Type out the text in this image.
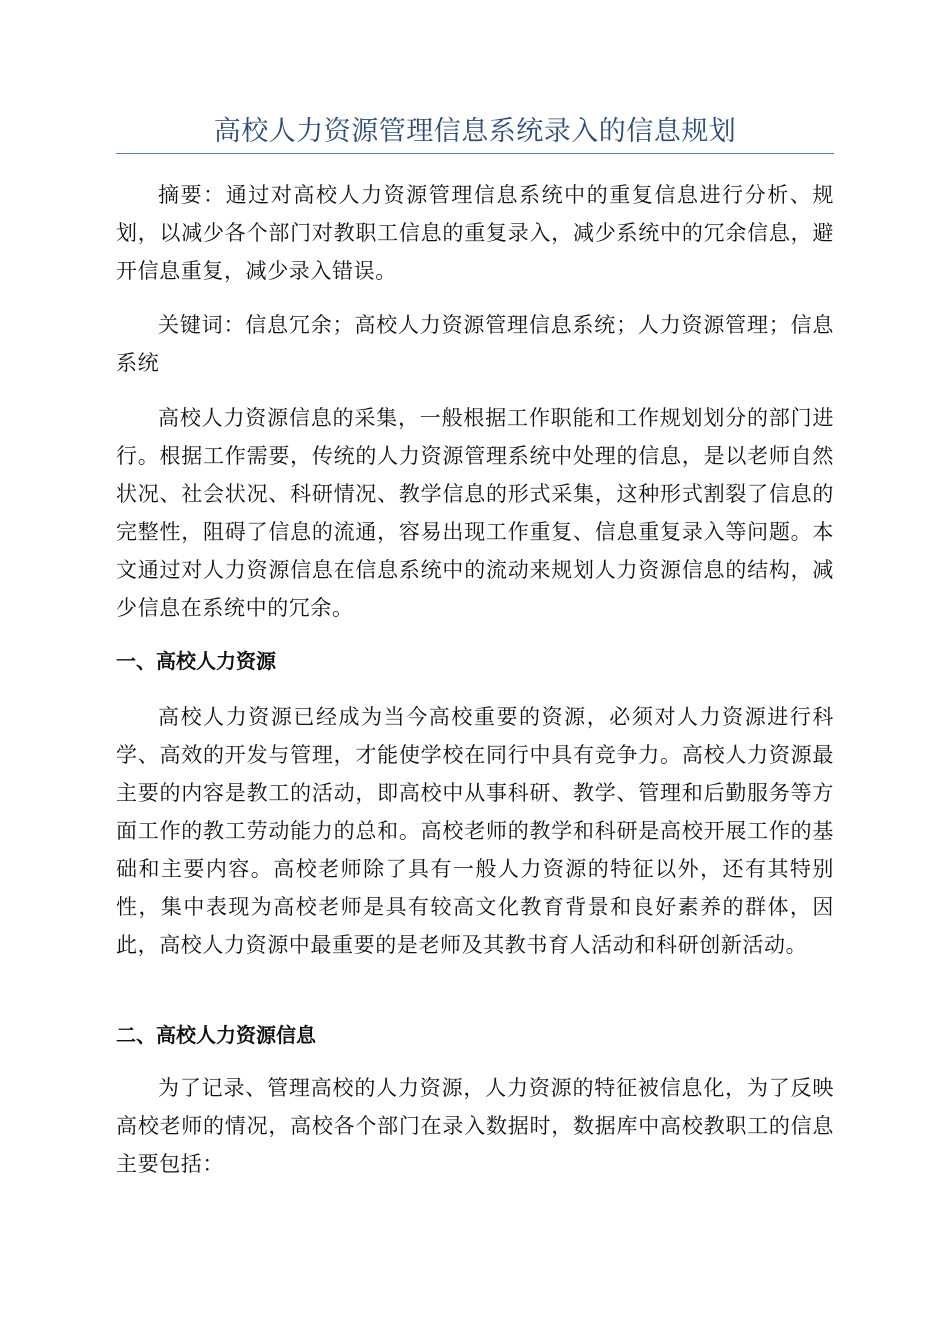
高校人力资源管理信息系统录入的信息规划

摘要：通过对高校人力资源管理信息系统中的重复信息进行分析、规划，以减少各个部门对教职工信息的重复录入，减少系统中的冗余信息，避开信息重复，减少录入错误。

关键词：信息冗余；高校人力资源管理信息系统；人力资源管理；信息系统

高校人力资源信息的采集，一般根据工作职能和工作规划划分的部门进行。根据工作需要，传统的人力资源管理系统中处理的信息，是以老师自然状况、社会状况、科研情况、教学信息的形式采集，这种形式割裂了信息的完整性，阻碍了信息的流通，容易出现工作重复、信息重复录入等问题。本文通过对人力资源信息在信息系统中的流动来规划人力资源信息的结构，减少信息在系统中的冗余。

一、高校人力资源

高校人力资源已经成为当今高校重要的资源，必须对人力资源进行科学、高效的开发与管理，才能使学校在同行中具有竞争力。高校人力资源最主要的内容是教工的活动，即高校中从事科研、教学、管理和后勤服务等方面工作的教工劳动能力的总和。高校老师的教学和科研是高校开展工作的基础和主要内容。高校老师除了具有一般人力资源的特征以外，还有其特别性，集中表现为高校老师是具有较高文化教育背景和良好素养的群体，因此，高校人力资源中最重要的是老师及其教书育人活动和科研创新活动。

二、高校人力资源信息

为了记录、管理高校的人力资源，人力资源的特征被信息化，为了反映高校老师的情况，高校各个部门在录入数据时，数据库中高校教职工的信息主要包括：
